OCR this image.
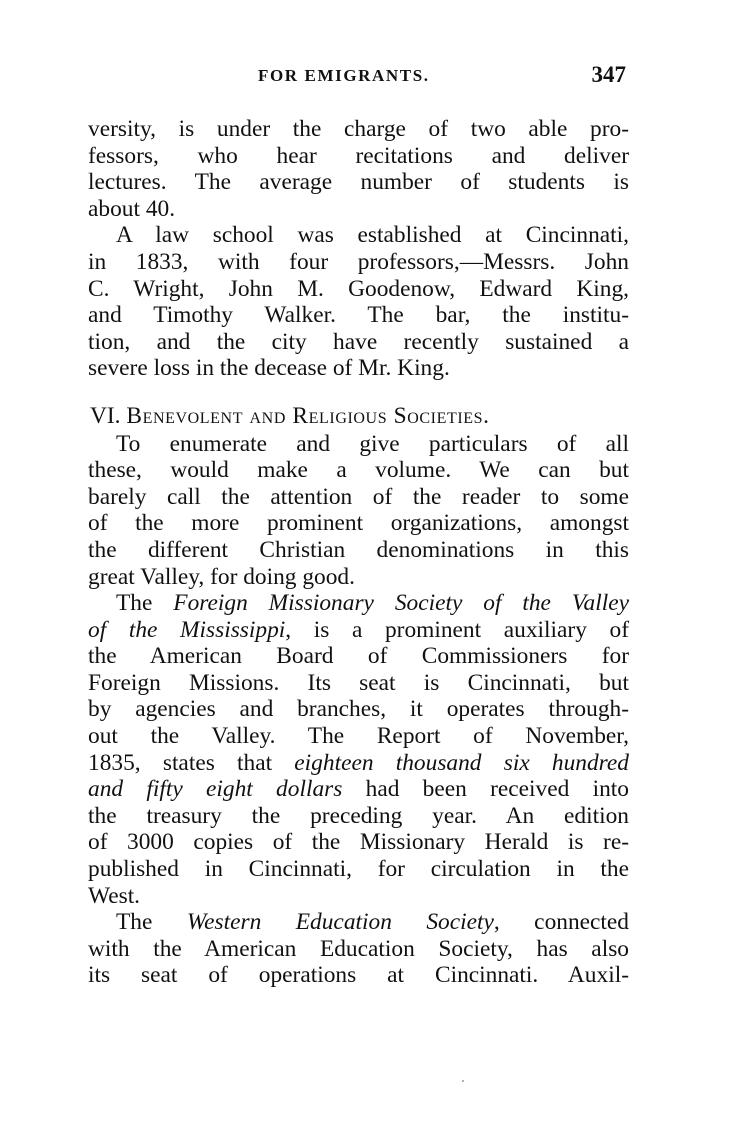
FOR EMIGRANTS.	347
versity, is under the charge of two able pro-
fessors, who hear recitations and deliver
lectures. The average number of students is
about 40.
A law school was established at Cincinnati,
in 1833, with four professors,—Messrs. John
C. Wright, John M. Goodenow, Edward King,
and Timothy Walker. The bar, the institu-
tion, and the city have recently sustained a
severe loss in the decease of Mr. King.
VI. Benevolent and Religious Societies.
To enumerate and give particulars of all
these, would make a volume. We can but
barely call the attention of the reader to some
of the more prominent organizations, amongst
the different Christian denominations in this
great Valley, for doing good.
The Foreign Missionary Society of the Valley
of the Mississippi, is a prominent auxiliary of
the American Board of Commissioners for
Foreign Missions. Its seat is Cincinnati, but
by agencies and branches, it operates through-
out the Valley. The Report of November,
1835, states that eighteen thousand six hundred
and fifty eight dollars had been received into
the treasury the preceding year. An edition
of 3000 copies of the Missionary Herald is re-
published in Cincinnati, for circulation in the
West.
The Western Education Society, connected
with the American Education Society, has also
its seat of operations at Cincinnati. Auxil-
